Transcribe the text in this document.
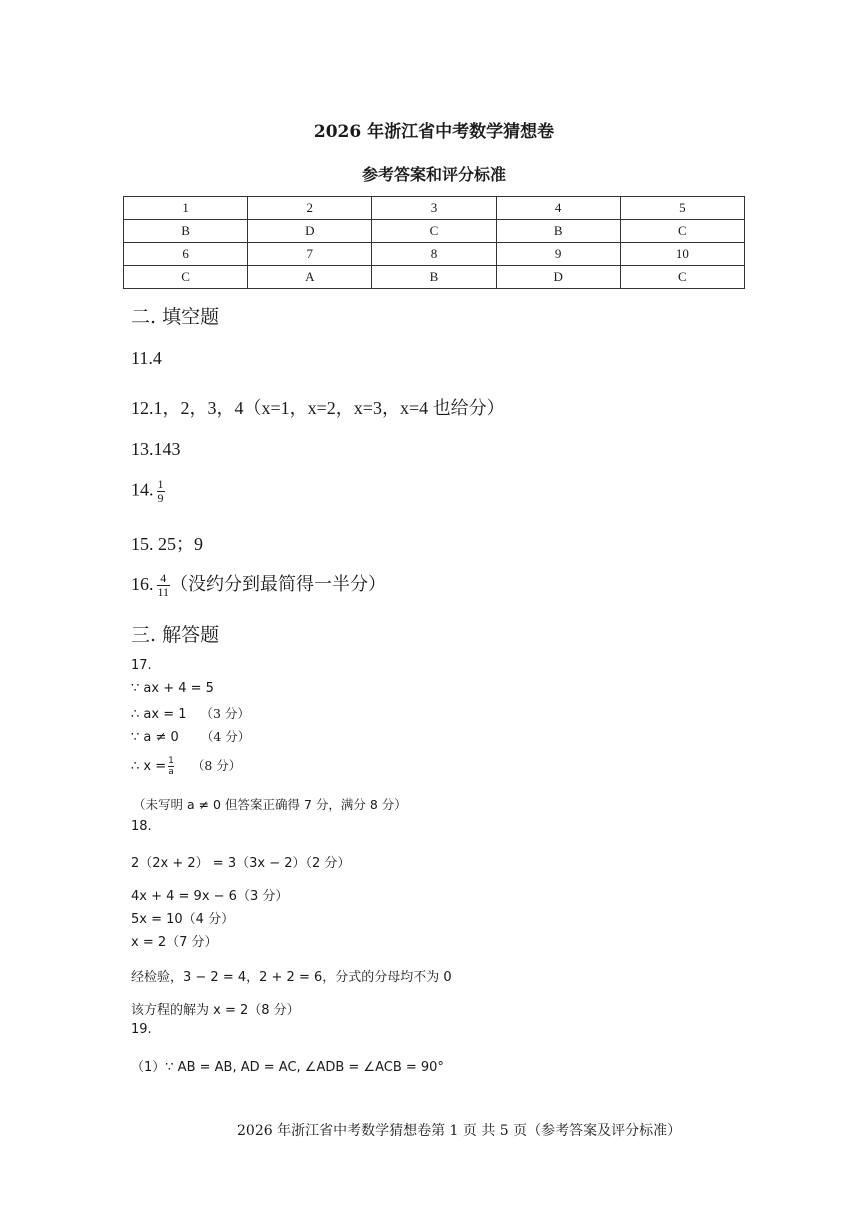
2026 年浙江省中考数学猜想卷
参考答案和评分标准
1	2	3	4	5
B	D	C	B	C
6	7	8	9	10
C	A	B	D	C
二. 填空题
11.4
12.1，2，3，4（x=1，x=2，x=3，x=4 也给分）
13.143
14. $\frac{1}{9}$
15. 25；9
16. $\frac{4}{11}$ （没约分到最简得一半分）
三. 解答题
17.
∵ ax + 4 = 5
∴ ax = 1 （3 分）
∵ a ≠ 0 （4 分）
∴ $x = \frac{1}{a} (8$ 分）
（未写明 a ≠ 0 但答案正确得 7 分，满分 8 分）
18.
2（2x + 2） = 3（3x − 2）（2 分）
4x + 4 = 9x − 6（3 分）
5x = 10（4 分）
x = 2（7 分）
经检验，3 − 2 = 4，2 + 2 = 6，分式的分母均不为 0
该方程的解为 x = 2（8 分）
19.
（1）∵ AB = AB, AD = AC, ∠ADB = ∠ACB = 90°
2026 年浙江省中考数学猜想卷第 1 页 共 5 页（参考答案及评分标准）
